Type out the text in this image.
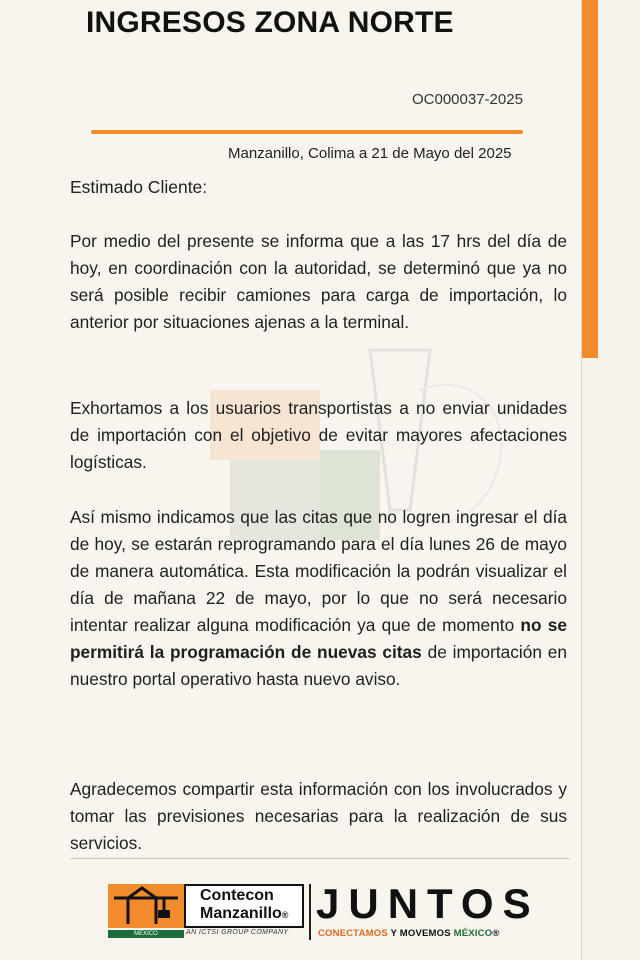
INGRESOS ZONA NORTE
OC000037-2025
Manzanillo, Colima a 21 de Mayo del 2025
Estimado Cliente:

Por medio del presente se informa que a las 17 hrs del día de hoy, en coordinación con la autoridad, se determinó que ya no será posible recibir camiones para carga de importación, lo anterior por situaciones ajenas a la terminal.

Exhortamos a los usuarios transportistas a no enviar unidades de importación con el objetivo de evitar mayores afectaciones logísticas.

Así mismo indicamos que las citas que no logren ingresar el día de hoy, se estarán reprogramando para el día lunes 26 de mayo de manera automática. Esta modificación la podrán visualizar el día de mañana 22 de mayo, por lo que no será necesario intentar realizar alguna modificación ya que de momento no se permitirá la programación de nuevas citas de importación en nuestro portal operativo hasta nuevo aviso.

Agradecemos compartir esta información con los involucrados y tomar las previsiones necesarias para la realización de sus servicios.

Contecon
Manzanillo®
MEXICO	AN ICTSI GROUP COMPANY
JUNTOS
CONECTAMOS Y MOVEMOS MÉXICO®
